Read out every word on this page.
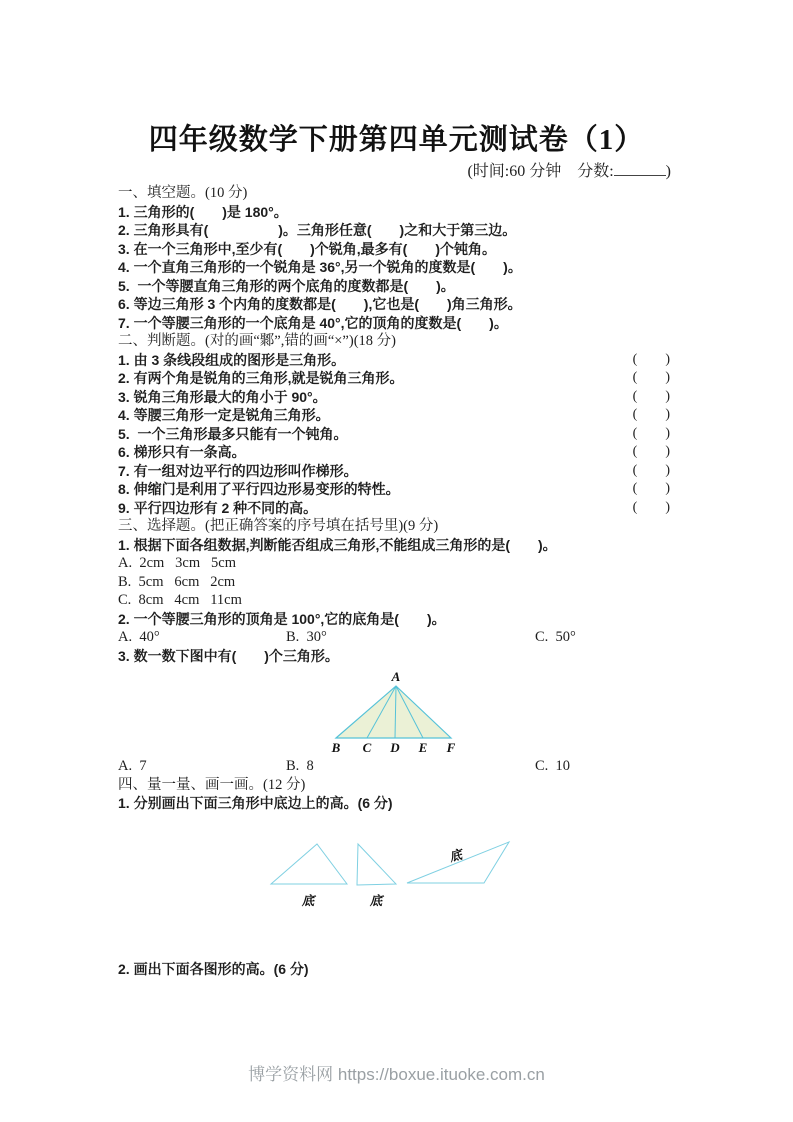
四年级数学下册第四单元测试卷（1）
(时间:60 分钟　分数:	)
一、填空题。(10 分)
1. 三角形的(　　)是 180°。
2. 三角形具有(　　　　　)。三角形任意(　　)之和大于第三边。
3. 在一个三角形中,至少有(　　)个锐角,最多有(　　)个钝角。
4. 一个直角三角形的一个锐角是 36°,另一个锐角的度数是(　　)。
5.  一个等腰直角三角形的两个底角的度数都是(　　)。
6. 等边三角形 3 个内角的度数都是(　　),它也是(　　)角三角形。
7. 一个等腰三角形的一个底角是 40°,它的顶角的度数是(　　)。
二、判断题。(对的画“鄹”,错的画“×”)(18 分)
1. 由 3 条线段组成的图形是三角形。	(　　)
2. 有两个角是锐角的三角形,就是锐角三角形。	(　　)
3. 锐角三角形最大的角小于 90°。	(　　)
4. 等腰三角形一定是锐角三角形。	(　　)
5.  一个三角形最多只能有一个钝角。	(　　)
6. 梯形只有一条高。	(　　)
7. 有一组对边平行的四边形叫作梯形。	(　　)
8. 伸缩门是利用了平行四边形易变形的特性。	(　　)
9. 平行四边形有 2 种不同的高。	(　　)
三、选择题。(把正确答案的序号填在括号里)(9 分)
1. 根据下面各组数据,判断能否组成三角形,不能组成三角形的是(　　)。
A.  2cm   3cm   5cm
B.  5cm   6cm   2cm
C.  8cm   4cm   11cm
2. 一个等腰三角形的顶角是 100°,它的底角是(　　)。

A.  40°

	B.  30°

	C.  50°

3. 数一数下图中有(　　)个三角形。

A.  7

	B.  8

	C.  10

四、量一量、画一画。(12 分)
1. 分别画出下面三角形中底边上的高。(6 分)
2. 画出下面各图形的高。(6 分)
A
B C D E F
底	底
底
博学资料网 https://boxue.ituoke.com.cn
